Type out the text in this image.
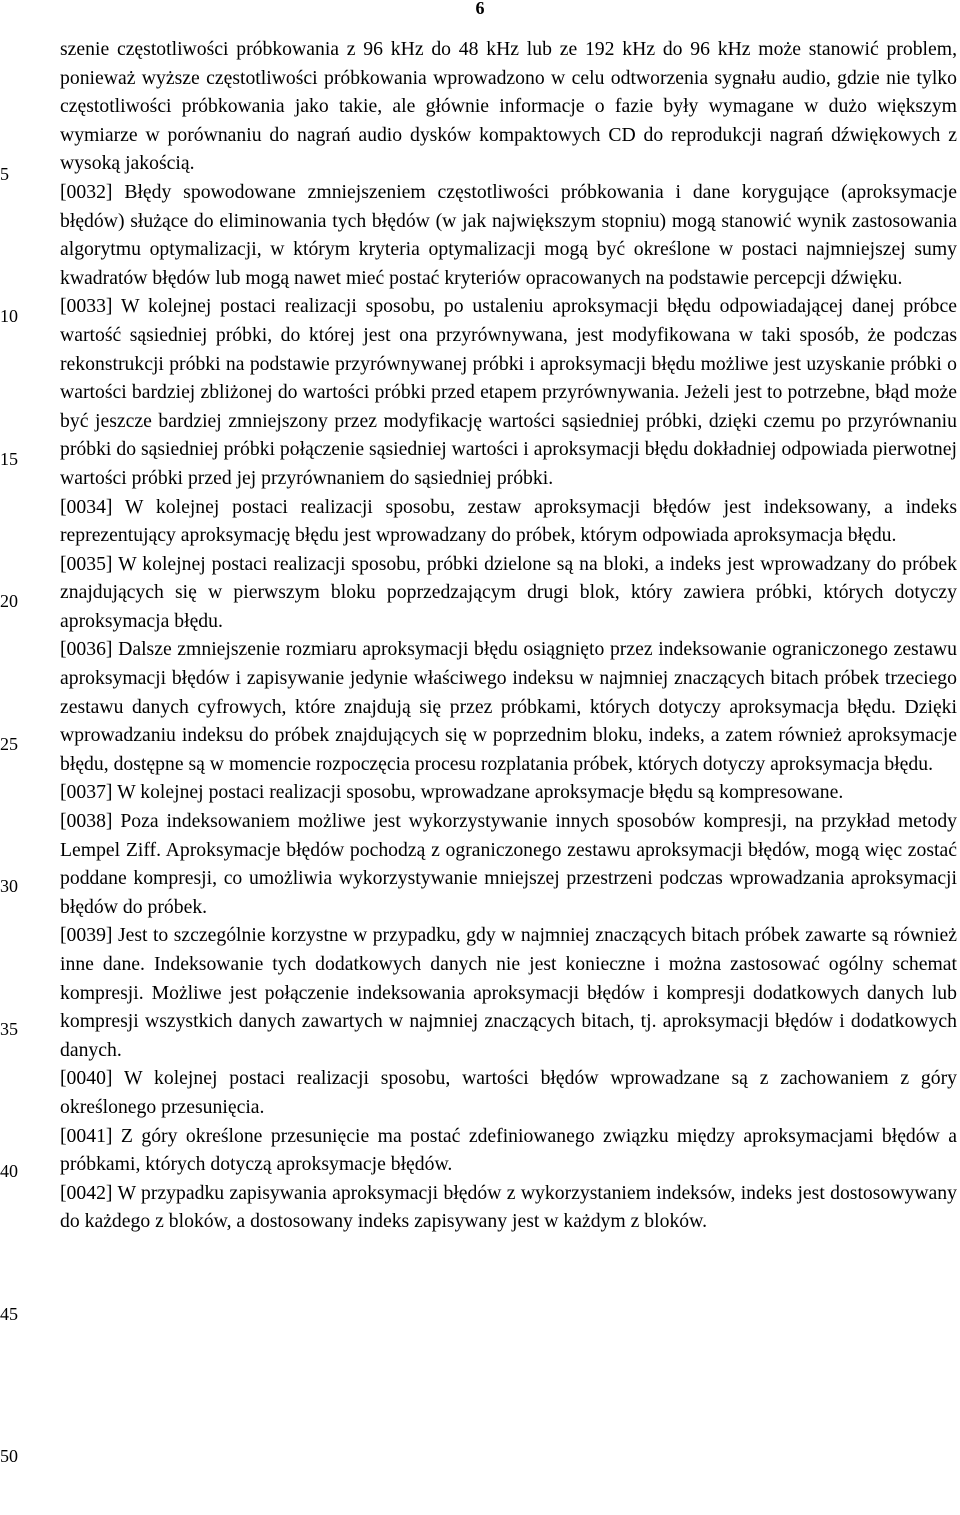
6
5
10
15
20
25
30
35
40
45
50

szenie częstotliwości próbkowania z 96 kHz do 48 kHz lub ze 192 kHz do 96 kHz może stanowić problem, ponieważ wyższe częstotliwości próbkowania wprowadzono w celu odtworzenia sygnału audio, gdzie nie tylko częstotliwości próbkowania jako takie, ale głównie informacje o fazie były wymagane w dużo większym wymiarze w porównaniu do nagrań audio dysków kompaktowych CD do reprodukcji nagrań dźwiękowych z wysoką jakością.

[0032] Błędy spowodowane zmniejszeniem częstotliwości próbkowania i dane korygujące (aproksymacje błędów) służące do eliminowania tych błędów (w jak największym stopniu) mogą stanowić wynik zastosowania algorytmu optymalizacji, w którym kryteria optymalizacji mogą być określone w postaci najmniejszej sumy kwadratów błędów lub mogą nawet mieć postać kryteriów opracowanych na podstawie percepcji dźwięku.

[0033] W kolejnej postaci realizacji sposobu, po ustaleniu aproksymacji błędu odpowiadającej danej próbce wartość sąsiedniej próbki, do której jest ona przyrównywana, jest modyfikowana w taki sposób, że podczas rekonstrukcji próbki na podstawie przyrównywanej próbki i aproksymacji błędu możliwe jest uzyskanie próbki o wartości bardziej zbliżonej do wartości próbki przed etapem przyrównywania. Jeżeli jest to potrzebne, błąd może być jeszcze bardziej zmniejszony przez modyfikację wartości sąsiedniej próbki, dzięki czemu po przyrównaniu próbki do sąsiedniej próbki połączenie sąsiedniej wartości i aproksymacji błędu dokładniej odpowiada pierwotnej wartości próbki przed jej przyrównaniem do sąsiedniej próbki.

[0034] W kolejnej postaci realizacji sposobu, zestaw aproksymacji błędów jest indeksowany, a indeks reprezentujący aproksymację błędu jest wprowadzany do próbek, którym odpowiada aproksymacja błędu.

[0035] W kolejnej postaci realizacji sposobu, próbki dzielone są na bloki, a indeks jest wprowadzany do próbek znajdujących się w pierwszym bloku poprzedzającym drugi blok, który zawiera próbki, których dotyczy aproksymacja błędu.

[0036] Dalsze zmniejszenie rozmiaru aproksymacji błędu osiągnięto przez indeksowanie ograniczonego zestawu aproksymacji błędów i zapisywanie jedynie właściwego indeksu w najmniej znaczących bitach próbek trzeciego zestawu danych cyfrowych, które znajdują się przez próbkami, których dotyczy aproksymacja błędu. Dzięki wprowadzaniu indeksu do próbek znajdujących się w poprzednim bloku, indeks, a zatem również aproksymacje błędu, dostępne są w momencie rozpoczęcia procesu rozplatania próbek, których dotyczy aproksymacja błędu.

[0037] W kolejnej postaci realizacji sposobu, wprowadzane aproksymacje błędu są kompresowane.

[0038] Poza indeksowaniem możliwe jest wykorzystywanie innych sposobów kompresji, na przykład metody Lempel Ziff. Aproksymacje błędów pochodzą z ograniczonego zestawu aproksymacji błędów, mogą więc zostać poddane kompresji, co umożliwia wykorzystywanie mniejszej przestrzeni podczas wprowadzania aproksymacji błędów do próbek.

[0039] Jest to szczególnie korzystne w przypadku, gdy w najmniej znaczących bitach próbek zawarte są również inne dane. Indeksowanie tych dodatkowych danych nie jest konieczne i można zastosować ogólny schemat kompresji. Możliwe jest połączenie indeksowania aproksymacji błędów i kompresji dodatkowych danych lub kompresji wszystkich danych zawartych w najmniej znaczących bitach, tj. aproksymacji błędów i dodatkowych danych.

[0040] W kolejnej postaci realizacji sposobu, wartości błędów wprowadzane są z zachowaniem z góry określonego przesunięcia.

[0041] Z góry określone przesunięcie ma postać zdefiniowanego związku między aproksymacjami błędów a próbkami, których dotyczą aproksymacje błędów.

[0042] W przypadku zapisywania aproksymacji błędów z wykorzystaniem indeksów, indeks jest dostosowywany do każdego z bloków, a dostosowany indeks zapisywany jest w każdym z bloków.
